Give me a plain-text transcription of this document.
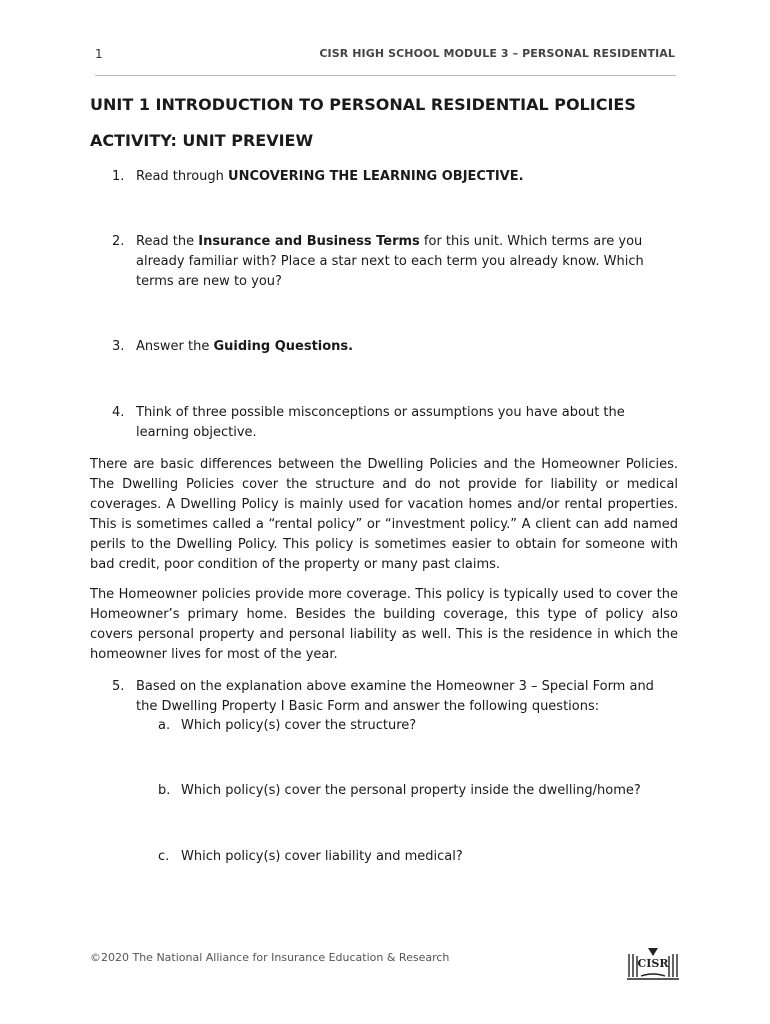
1	CISR HIGH SCHOOL MODULE 3 – PERSONAL RESIDENTIAL
UNIT 1 INTRODUCTION TO PERSONAL RESIDENTIAL POLICIES
ACTIVITY: UNIT PREVIEW
1. Read through UNCOVERING THE LEARNING OBJECTIVE.
2. Read the Insurance and Business Terms for this unit. Which terms are you already familiar with? Place a star next to each term you already know. Which terms are new to you?
3. Answer the Guiding Questions.
4. Think of three possible misconceptions or assumptions you have about the learning objective.

There are basic differences between the Dwelling Policies and the Homeowner Policies. The Dwelling Policies cover the structure and do not provide for liability or medical coverages. A Dwelling Policy is mainly used for vacation homes and/or rental properties. This is sometimes called a “rental policy” or “investment policy.” A client can add named perils to the Dwelling Policy. This policy is sometimes easier to obtain for someone with bad credit, poor condition of the property or many past claims.

The Homeowner policies provide more coverage. This policy is typically used to cover the Homeowner’s primary home. Besides the building coverage, this type of policy also covers personal property and personal liability as well. This is the residence in which the homeowner lives for most of the year.

5. Based on the explanation above examine the Homeowner 3 – Special Form and the Dwelling Property I Basic Form and answer the following questions:
a. Which policy(s) cover the structure?
b. Which policy(s) cover the personal property inside the dwelling/home?
c. Which policy(s) cover liability and medical?
©2020 The National Alliance for Insurance Education & Research	CISR
